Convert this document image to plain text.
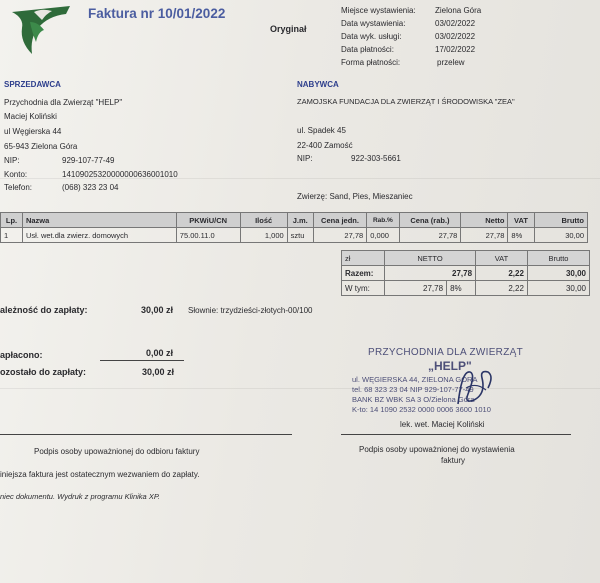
Faktura nr 10/01/2022
Oryginał
Miejsce wystawienia: Zielona Góra
Data wystawienia:	03/02/2022
Data wyk. usługi:	03/02/2022
Data płatności:	17/02/2022
Forma płatności:	przelew
SPRZEDAWCA
Przychodnia dla Zwierząt "HELP"
Maciej Koliński
ul Węgierska 44
65-943 Zielona Góra
NIP:	929-107-77-49
Konto:	14109025320000000636001010
Telefon:	(068) 323 23 04
NABYWCA
ZAMOJSKA FUNDACJA DLA ZWIERZĄT I ŚRODOWISKA "ZEA"
ul. Spadek 45
22-400 Zamość
NIP:	922-303-5661
Zwierzę: Sand, Pies, Mieszaniec
Lp.	Nazwa	PKWiU/CN	Ilość	J.m.	Cena jedn.	Rab.%	Cena (rab.)	Netto	VAT	Brutto
1	Usł. wet.dla zwierz. domowych	75.00.11.0	1,000	sztu	27,78	0,000	27,78	27,78	8%	30,00
zł	NETTO		VAT	Brutto
Razem:	27,78		2,22	30,00
W tym:	27,78	8%	2,22	30,00
ależność do zapłaty:	30,00 zł Słownie: trzydzieści-złotych-00/100
apłacono:	0,00 zł
ozostało do zapłaty:	30,00 zł
PRZYCHODNIA DLA ZWIERZĄT
„HELP"
ul. WĘGIERSKA 44, ZIELONA GÓRA
tel. 68 323 23 04 NIP 929-107-77-49
BANK BZ WBK SA 3 O/Zielona Góra
K-to: 14 1090 2532 0000 0006 3600 1010
lek. wet. Maciej Koliński
Podpis osoby upoważnionej do odbioru faktury	Podpis osoby upoważnionej do wystawienia
faktury
iniejsza faktura jest ostatecznym wezwaniem do zapłaty.
niec dokumentu. Wydruk z programu Klinika XP.
